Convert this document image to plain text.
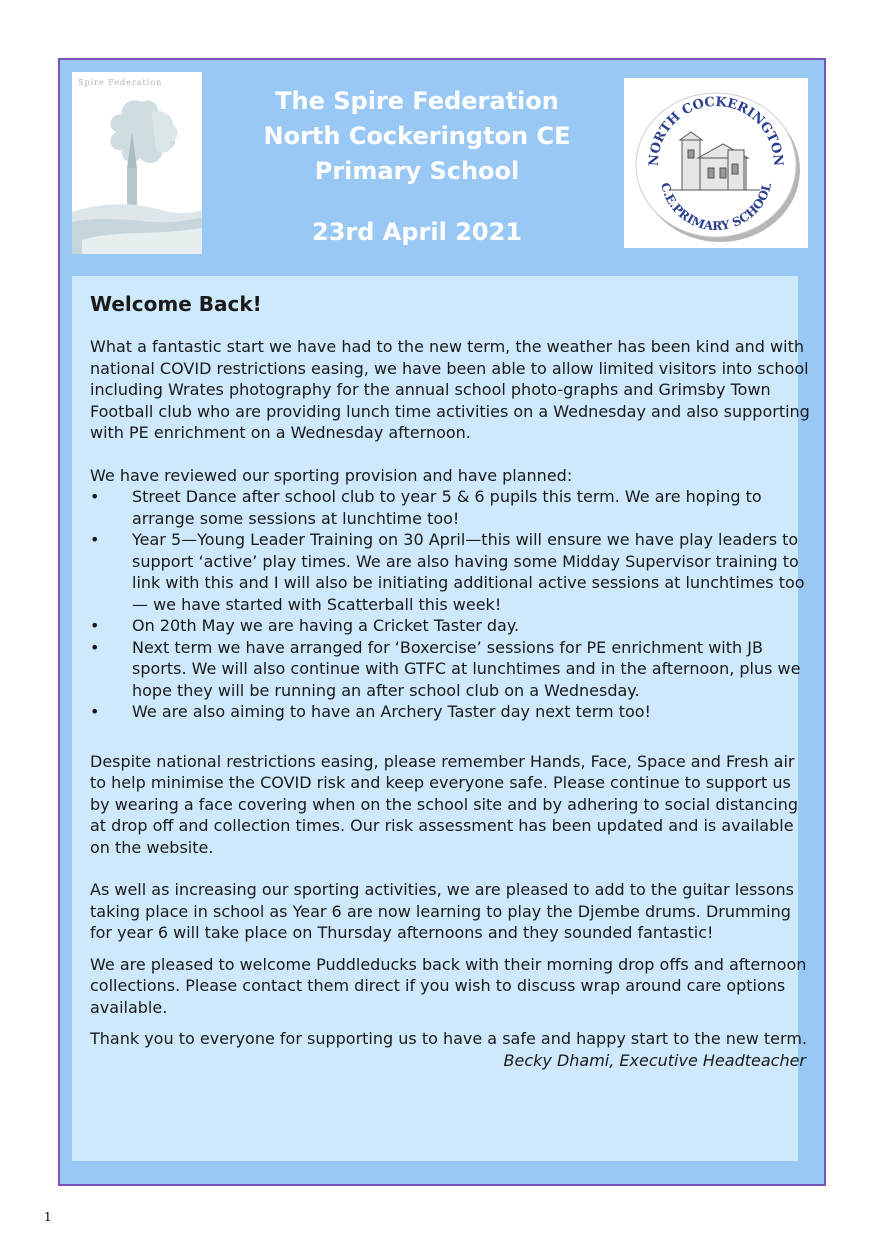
Spire Federation
The Spire Federation
North Cockerington CE
Primary School
23rd April 2021
NORTH COCKERINGTON
C.E.PRIMARY SCHOOL
Welcome Back!

What a fantastic start we have had to the new term, the weather has been kind and with national COVID restrictions easing, we have been able to allow limited visitors into school including Wrates photography for the annual school photo-graphs and Grimsby Town Football club who are providing lunch time activities on a Wednesday and also supporting with PE enrichment on a Wednesday afternoon.

We have reviewed our sporting provision and have planned:

•	Street Dance after school club to year 5 & 6 pupils this term. We are hoping to arrange some sessions at lunchtime too!
•	Year 5—Young Leader Training on 30 April—this will ensure we have play leaders to support ‘active’ play times. We are also having some Midday Supervisor training to link with this and I will also be initiating additional active sessions at lunchtimes too — we have started with Scatterball this week!
•	On 20th May we are having a Cricket Taster day.
•	Next term we have arranged for ‘Boxercise’ sessions for PE enrichment with JB sports. We will also continue with GTFC at lunchtimes and in the afternoon, plus we hope they will be running an after school club on a Wednesday.
•	We are also aiming to have an Archery Taster day next term too!

Despite national restrictions easing, please remember Hands, Face, Space and Fresh air to help minimise the COVID risk and keep everyone safe. Please continue to support us by wearing a face covering when on the school site and by adhering to social distancing at drop off and collection times. Our risk assessment has been updated and is available on the website.

As well as increasing our sporting activities, we are pleased to add to the guitar lessons taking place in school as Year 6 are now learning to play the Djembe drums. Drumming for year 6 will take place on Thursday afternoons and they sounded fantastic!

We are pleased to welcome Puddleducks back with their morning drop offs and afternoon collections. Please contact them direct if you wish to discuss wrap around care options available.

Thank you to everyone for supporting us to have a safe and happy start to the new term.

Becky Dhami, Executive Headteacher
1
